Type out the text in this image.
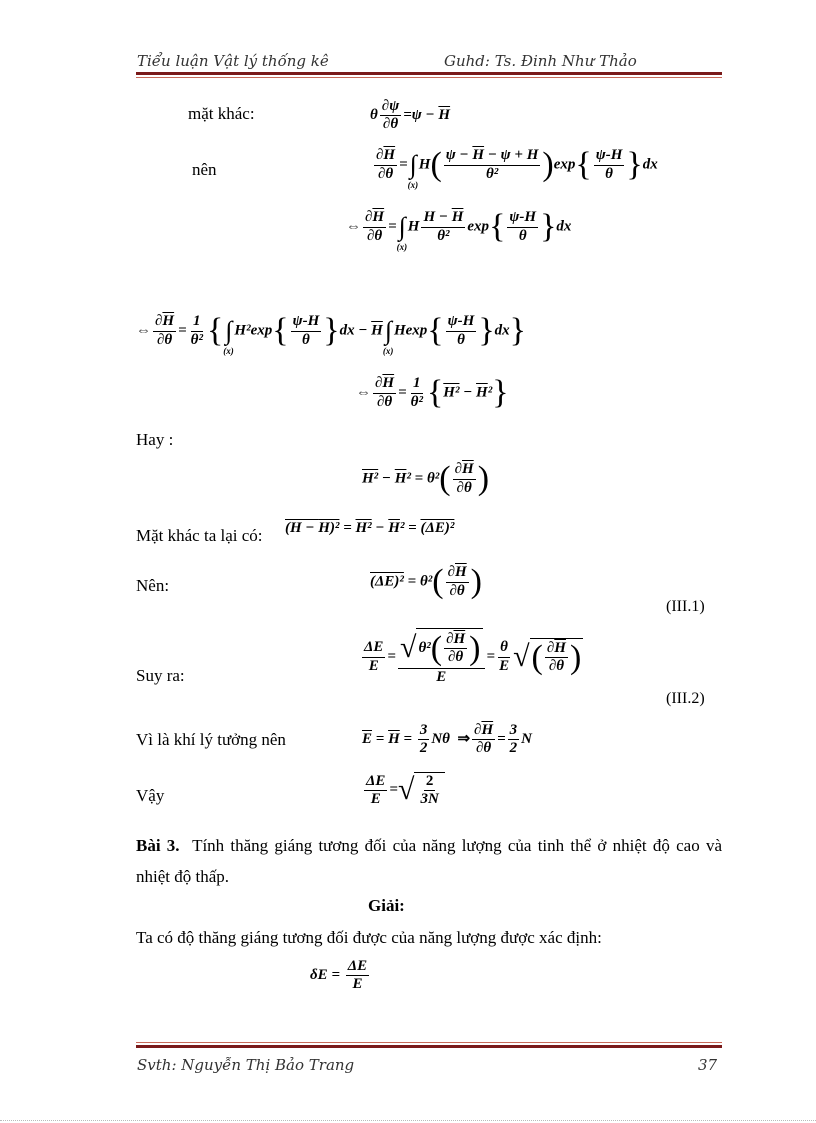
Tiểu luận Vật lý thống kê	Guhd: Ts. Đinh Như Thảo
mặt khác:	θ $\frac{\partial\psi}{\partial\theta} =\psi - \overline{H}$
nên	$\frac{\partial\overline{H}}{\partial\theta}$ =∫
(x)
$H( \frac{\psi - \overline{H} - \psi + H}{\text{θ²}} )\exp\{ \frac{\psi-H}{\theta} \}dx$
⇔ $\frac{\partial\overline{H}}{\partial\theta}$ =∫
(x)
H $\frac{H - \overline{H}}{\text{θ²}} \exp\{ \frac{\psi-H}{\theta} \}dx$
⇔ $\frac{\partial\overline{H}}{\partial\theta} = \frac{1}{\text{θ²}}$ {∫
(x)
$H^2\exp\{ \frac{\psi-H}{\theta} \}dx - \overline{H}\int$
(x)
$Hexp\{ \frac{\psi-H}{\theta} \}dx$}
⇔ $\frac{\partial\overline{H}}{\partial\theta} = \frac{1}{\text{θ²}} \{H^2 - \overline{H}^2\}$
Hay :
$H^2 - \overline{H}^2 = \theta^2( \frac{\partial\overline{H}}{\partial\theta}$ )
Mặt khác ta lại có: $(H - H)^2 = H^2 - \overline{H}^2 = (\Delta E)^2$
Nên:	$(\Delta E)^2 = \theta^2( \frac{\partial\overline{H}}{\partial\theta}$ )
(III.1)
Suy ra:
$\frac{\Delta E}{E} = \frac{√ \theta^2( \frac{\partial\overline{H}}{\partial\theta} )}{E} = \frac{\theta}{E}$ √ ( $\frac{\partial\overline{H}}{\partial\theta}$ )
(III.2)
Vì là khí lý tưởng nên	$\overline{E} = \overline{H} = \frac{3}{2}$ Nθ  ⇒ $\frac{\partial\overline{H}}{\partial\theta} = \frac{3}{2}$ N
Vậy	$\frac{\Delta E}{E}$ = √ $\frac{2}{3N}$
Bài 3. Tính thăng giáng tương đối của năng lượng của tinh thể ở nhiệt độ cao và nhiệt độ thấp.
Giải:
Ta có độ thăng giáng tương đối được của năng lượng được xác định:
$\delta E = \frac{\Delta E}{E}$
Svth: Nguyễn Thị Bảo Trang	37
